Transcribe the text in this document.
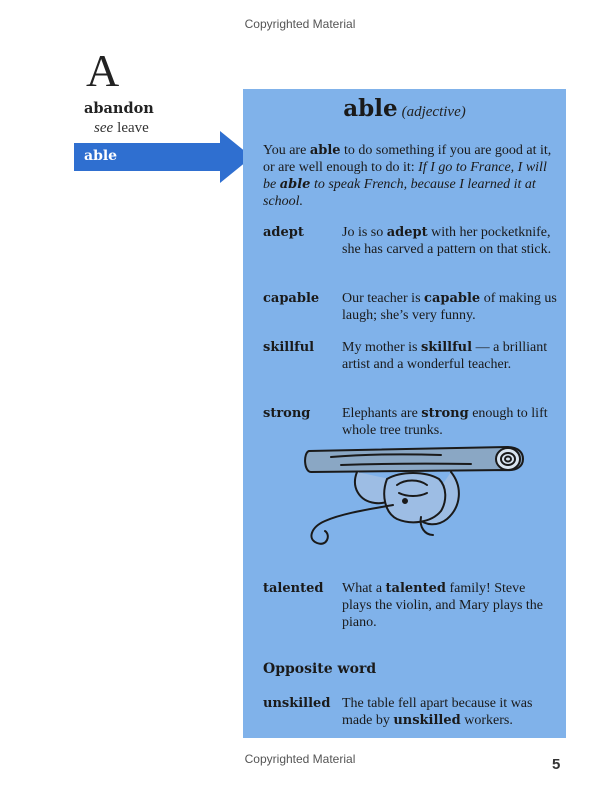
Copyrighted Material
A
abandon
see leave
able
able (adjective)
You are able to do something if you are good at it, or are well enough to do it: If I go to France, I will be able to speak French, because I learned it at school.
adept	Jo is so adept with her pocketknife, she has carved a pattern on that stick.
capable Our teacher is capable of making us laugh; she’s very funny.
skillful My mother is skillful — a brilliant artist and a wonderful teacher.
strong Elephants are strong enough to lift whole tree trunks.
talented What a talented family! Steve plays the violin, and Mary plays the piano.
Opposite word
unskilled The table fell apart because it was made by unskilled workers.
Copyrighted Material	5
